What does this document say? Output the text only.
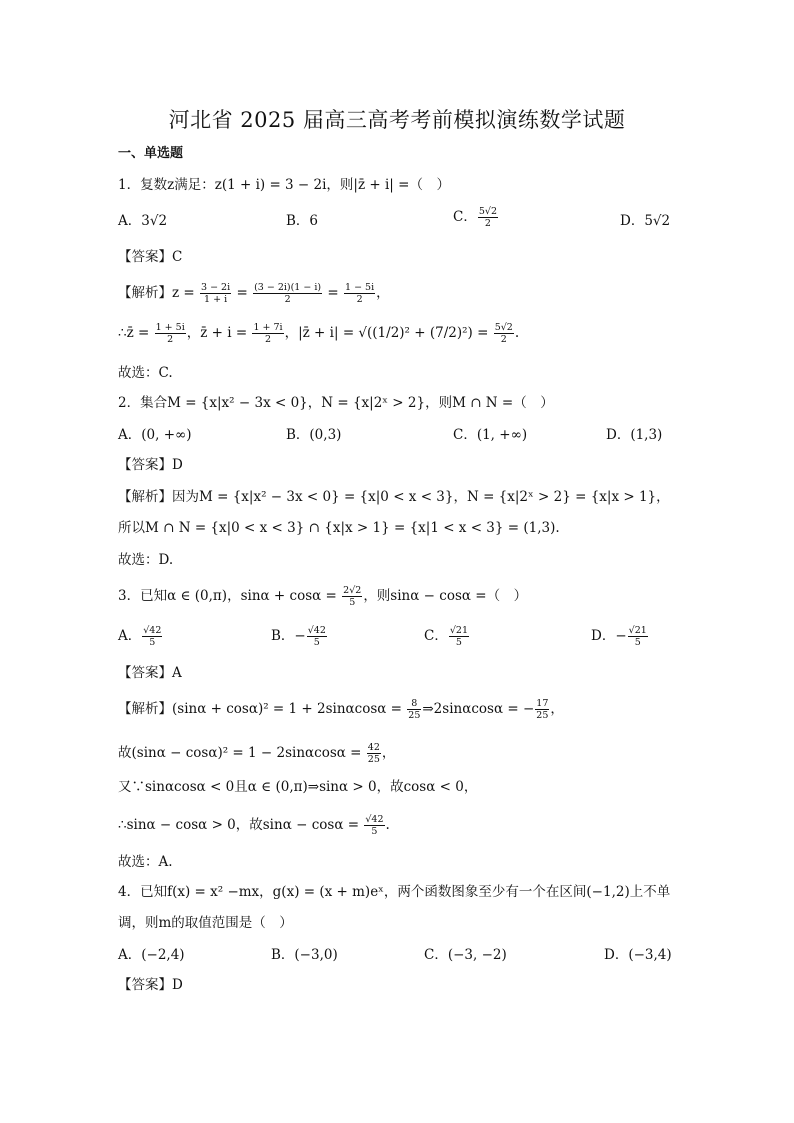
河北省 2025 届高三高考考前模拟演练数学试题
一、单选题
1．复数z满足：z(1 + i) = 3 − 2i，则|z̄ + i| =（　）
A．3√2	B．6	C． $\frac{5√2}{2}$	D．5√2
【答案】C
【解析】$z = \frac{3 - 2i}{1 + i} = \frac{(3 - 2i)(1 - i)}{2} = \frac{1 - 5i}{2}$ ，
∴z̄ = $\frac{1 + 5i}{2}$ ，z̄ + $i = \frac{1 + 7i}{2}$ ，|z̄ + $i| = √((1/2)^2 + (7/2)^2) = \frac{5√2}{2}$ .
故选：C.
2．集合M = {x|x² − 3x < 0}，N = {x|2ˣ > 2}，则M ∩ N =（　）
A．(0, +∞)	B．(0,3)	C．(1, +∞)	D．(1,3)
【答案】D
【解析】因为M = {x|x² − 3x < 0} = {x|0 < x < 3}，N = {x|2ˣ > 2} = {x|x > 1}，
所以M ∩ N = {x|0 < x < 3} ∩ {x|x > 1} = {x|1 < x < 3} = (1,3).
故选：D.
3．已知α ∈ (0,π)，$\sin\alpha + \cos\alpha = \frac{2√2}{5}$ ，则sinα − cosα =（　）
A． $\frac{√42}{5}$	B．− $\frac{√42}{5}$	C． $\frac{√21}{5}$	D．− $\frac{√21}{5}$
【答案】A
【解析】$(\sin\alpha + \cos\alpha)^2 = 1 + 2\sin\alpha\cos\alpha = \frac{8}{25}$ ⇒2sinαcosα = − $\frac{17}{25}$ ，
故$(\sin\alpha - \cos\alpha)^2 = 1 - 2\sin\alpha\cos\alpha = \frac{42}{25}$ ，
又∵sinαcosα < 0且α ∈ (0,π)⇒sinα > 0，故cosα < 0，
∴sinα − cosα > 0，故$\sin\alpha - \cos\alpha = \frac{√42}{5}$ .
故选：A.
4．已知f(x) = x² −mx，g(x) = (x + m)eˣ，两个函数图象至少有一个在区间(−1,2)上不单
调，则m的取值范围是（　）
A．(−2,4)	B．(−3,0)	C．(−3, −2)	D．(−3,4)
【答案】D
